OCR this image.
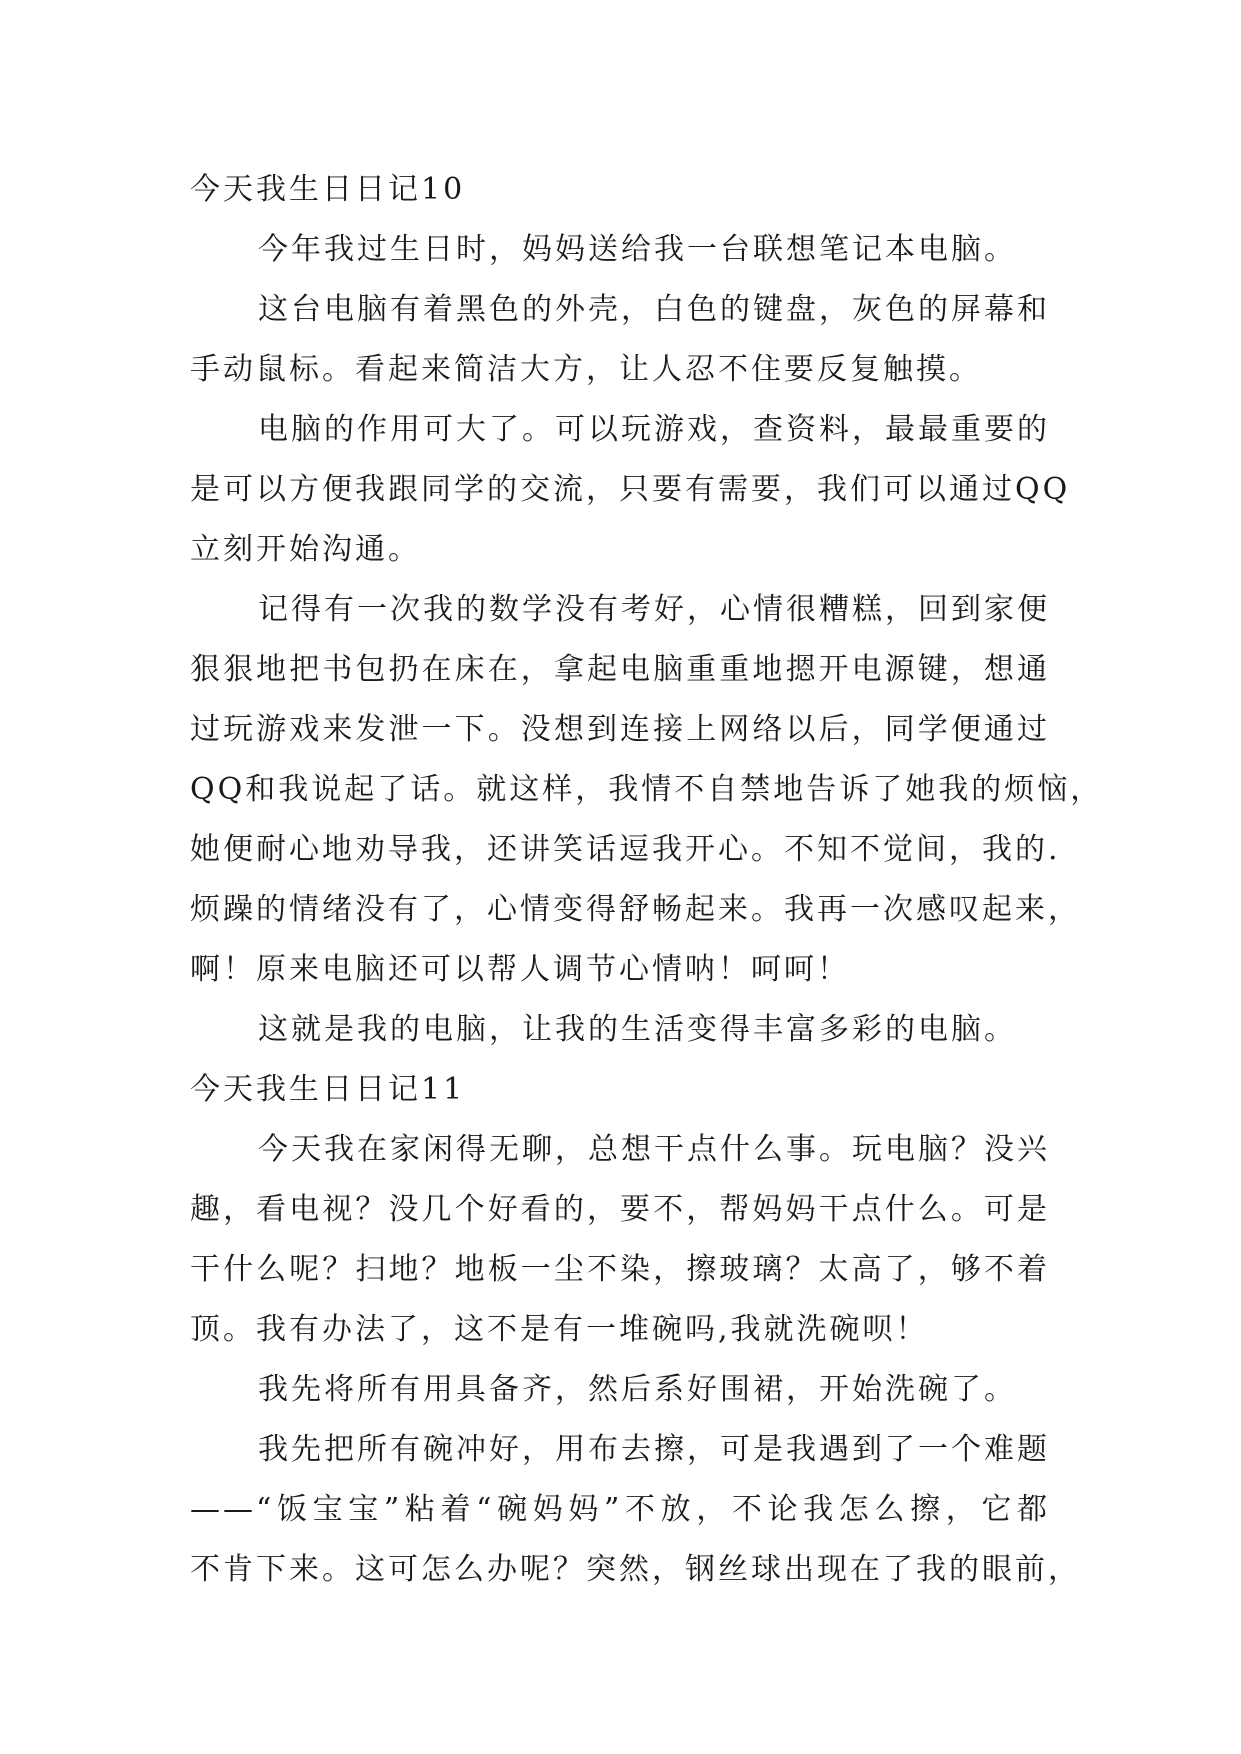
今天我生日日记10
今年我过生日时，妈妈送给我一台联想笔记本电脑。
这台电脑有着黑色的外壳，白色的键盘，灰色的屏幕和
手动鼠标。看起来简洁大方，让人忍不住要反复触摸。
电脑的作用可大了。可以玩游戏，查资料，最最重要的
是可以方便我跟同学的交流，只要有需要，我们可以通过QQ
立刻开始沟通。
记得有一次我的数学没有考好，心情很糟糕，回到家便
狠狠地把书包扔在床在，拿起电脑重重地摁开电源键，想通
过玩游戏来发泄一下。没想到连接上网络以后，同学便通过
QQ和我说起了话。就这样，我情不自禁地告诉了她我的烦恼，
她便耐心地劝导我，还讲笑话逗我开心。不知不觉间，我的.
烦躁的情绪没有了，心情变得舒畅起来。我再一次感叹起来，
啊！原来电脑还可以帮人调节心情呐！呵呵！
这就是我的电脑，让我的生活变得丰富多彩的电脑。
今天我生日日记11
今天我在家闲得无聊，总想干点什么事。玩电脑？没兴
趣，看电视？没几个好看的，要不，帮妈妈干点什么。可是
干什么呢？扫地？地板一尘不染，擦玻璃？太高了，够不着
顶。我有办法了，这不是有一堆碗吗,我就洗碗呗！
我先将所有用具备齐，然后系好围裙，开始洗碗了。
我先把所有碗冲好，用布去擦，可是我遇到了一个难题
——“饭宝宝”粘着“碗妈妈”不放，不论我怎么擦，它都
不肯下来。这可怎么办呢？突然，钢丝球出现在了我的眼前，
